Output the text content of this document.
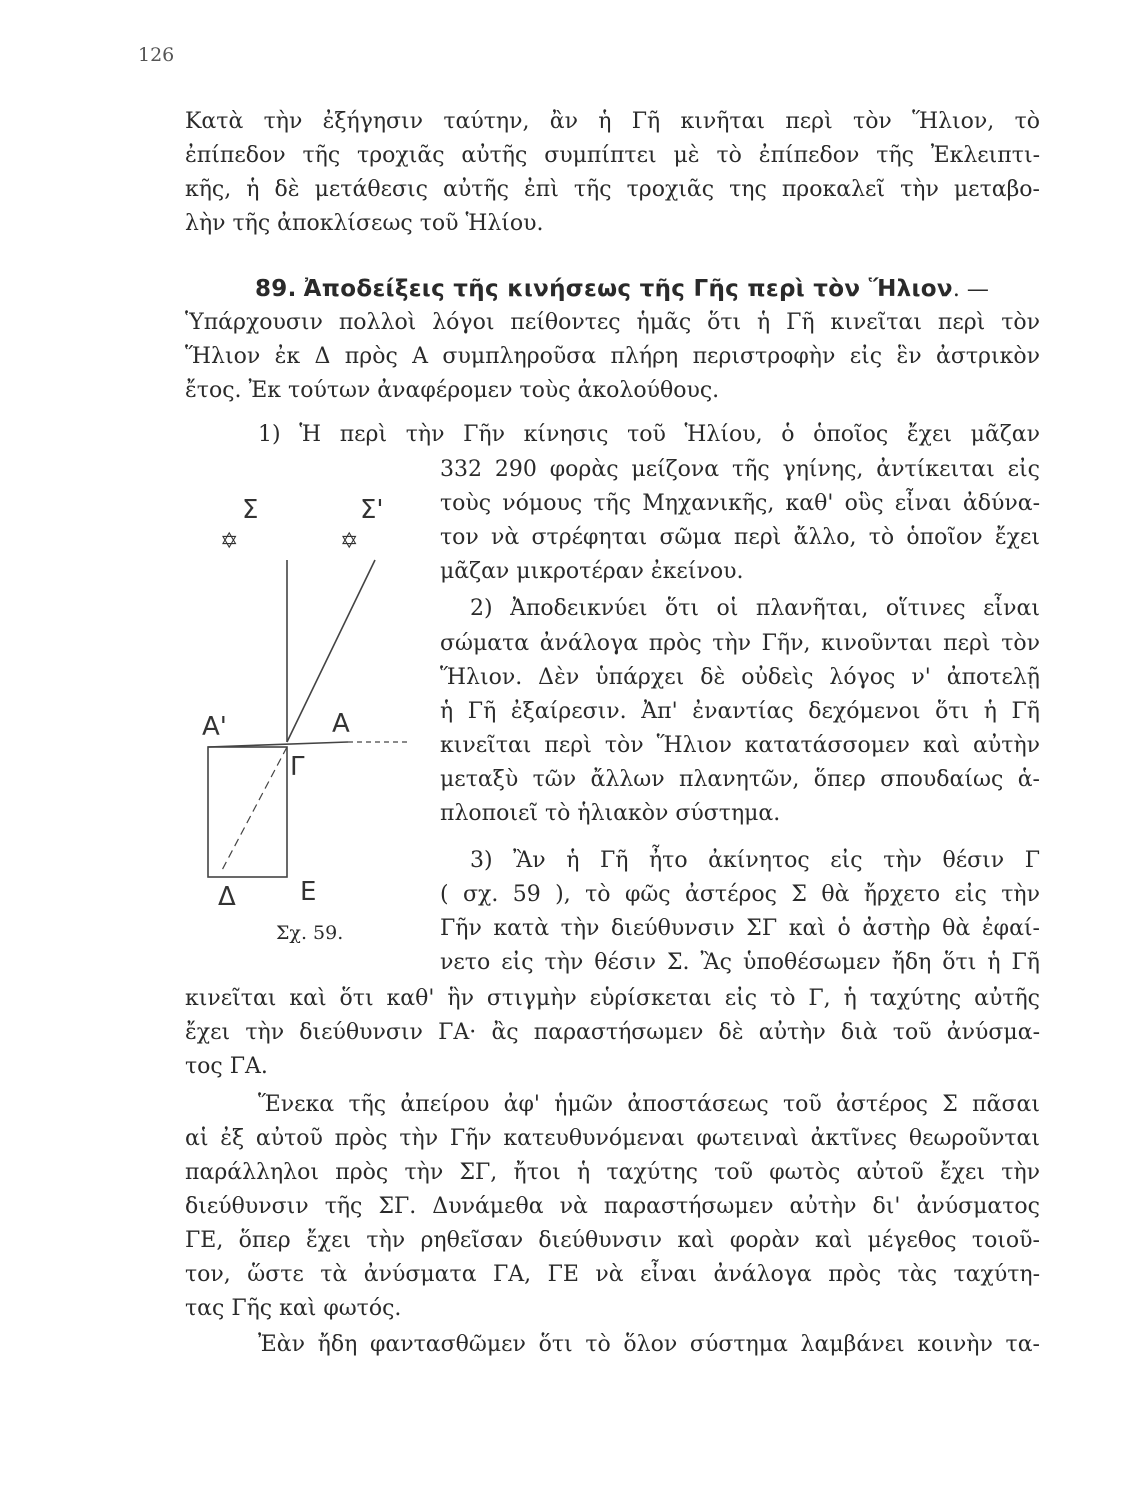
126
Κατὰ τὴν ἐξήγησιν ταύτην, ἂν ἡ Γῆ κινῆται περὶ τὸν Ἥλιον, τὸ
ἐπίπεδον τῆς τροχιᾶς αὐτῆς συμπίπτει μὲ τὸ ἐπίπεδον τῆς Ἐκλειπτι-
κῆς, ἡ δὲ μετάθεσις αὐτῆς ἐπὶ τῆς τροχιᾶς της προκαλεῖ τὴν μεταβο-
λὴν τῆς ἀποκλίσεως τοῦ Ἡλίου.
89. Ἀποδείξεις τῆς κινήσεως τῆς Γῆς περὶ τὸν Ἥλιον. —
Ὑπάρχουσιν πολλοὶ λόγοι πείθοντες ἡμᾶς ὅτι ἡ Γῆ κινεῖται περὶ τὸν
Ἥλιον ἐκ Δ πρὸς Α συμπληροῦσα πλήρη περιστροφὴν εἰς ἓν ἀστρικὸν
ἔτος. Ἐκ τούτων ἀναφέρομεν τοὺς ἀκολούθους.
1) Ἡ περὶ τὴν Γῆν κίνησις τοῦ Ἡλίου, ὁ ὁποῖος ἔχει μᾶζαν
332 290 φορὰς μείζονα τῆς γηίνης, ἀντίκειται εἰς
τοὺς νόμους τῆς Μηχανικῆς, καθ' οὓς εἶναι ἀδύνα-
τον νὰ στρέφηται σῶμα περὶ ἄλλο, τὸ ὁποῖον ἔχει
μᾶζαν μικροτέραν ἐκείνου.
2) Ἀποδεικνύει ὅτι οἱ πλανῆται, οἵτινες εἶναι
σώματα ἀνάλογα πρὸς τὴν Γῆν, κινοῦνται περὶ τὸν
Ἥλιον. Δὲν ὑπάρχει δὲ οὐδεὶς λόγος ν' ἀποτελῇ
ἡ Γῆ ἐξαίρεσιν. Ἀπ' ἐναντίας δεχόμενοι ὅτι ἡ Γῆ
κινεῖται περὶ τὸν Ἥλιον κατατάσσομεν καὶ αὐτὴν
μεταξὺ τῶν ἄλλων πλανητῶν, ὅπερ σπουδαίως ἁ-
πλοποιεῖ τὸ ἡλιακὸν σύστημα.
3) Ἂν ἡ Γῆ ἦτο ἀκίνητος εἰς τὴν θέσιν Γ
( σχ. 59 ), τὸ φῶς ἀστέρος Σ θὰ ἤρχετο εἰς τὴν
Γῆν κατὰ τὴν διεύθυνσιν ΣΓ καὶ ὁ ἀστὴρ θὰ ἐφαί-
νετο εἰς τὴν θέσιν Σ. Ἂς ὑποθέσωμεν ἤδη ὅτι ἡ Γῆ
κινεῖται καὶ ὅτι καθ' ἣν στιγμὴν εὑρίσκεται εἰς τὸ Γ, ἡ ταχύτης αὐτῆς
ἔχει τὴν διεύθυνσιν ΓΑ· ἂς παραστήσωμεν δὲ αὐτὴν διὰ τοῦ ἀνύσμα-
τος ΓΑ.
Ἕνεκα τῆς ἀπείρου ἀφ' ἡμῶν ἀποστάσεως τοῦ ἀστέρος Σ πᾶσαι
αἱ ἐξ αὐτοῦ πρὸς τὴν Γῆν κατευθυνόμεναι φωτειναὶ ἀκτῖνες θεωροῦνται
παράλληλοι πρὸς τὴν ΣΓ, ἤτοι ἡ ταχύτης τοῦ φωτὸς αὐτοῦ ἔχει τὴν
διεύθυνσιν τῆς ΣΓ. Δυνάμεθα νὰ παραστήσωμεν αὐτὴν δι' ἀνύσματος
ΓΕ, ὅπερ ἔχει τὴν ρηθεῖσαν διεύθυνσιν καὶ φορὰν καὶ μέγεθος τοιοῦ-
τον, ὥστε τὰ ἀνύσματα ΓΑ, ΓΕ νὰ εἶναι ἀνάλογα πρὸς τὰς ταχύτη-
τας Γῆς καὶ φωτός.
Ἐὰν ἤδη φαντασθῶμεν ὅτι τὸ ὅλον σύστημα λαμβάνει κοινὴν τα-
Σ	Σ'
✡	✡
Α'	Α
Γ
Δ Ε
Σχ. 59.
